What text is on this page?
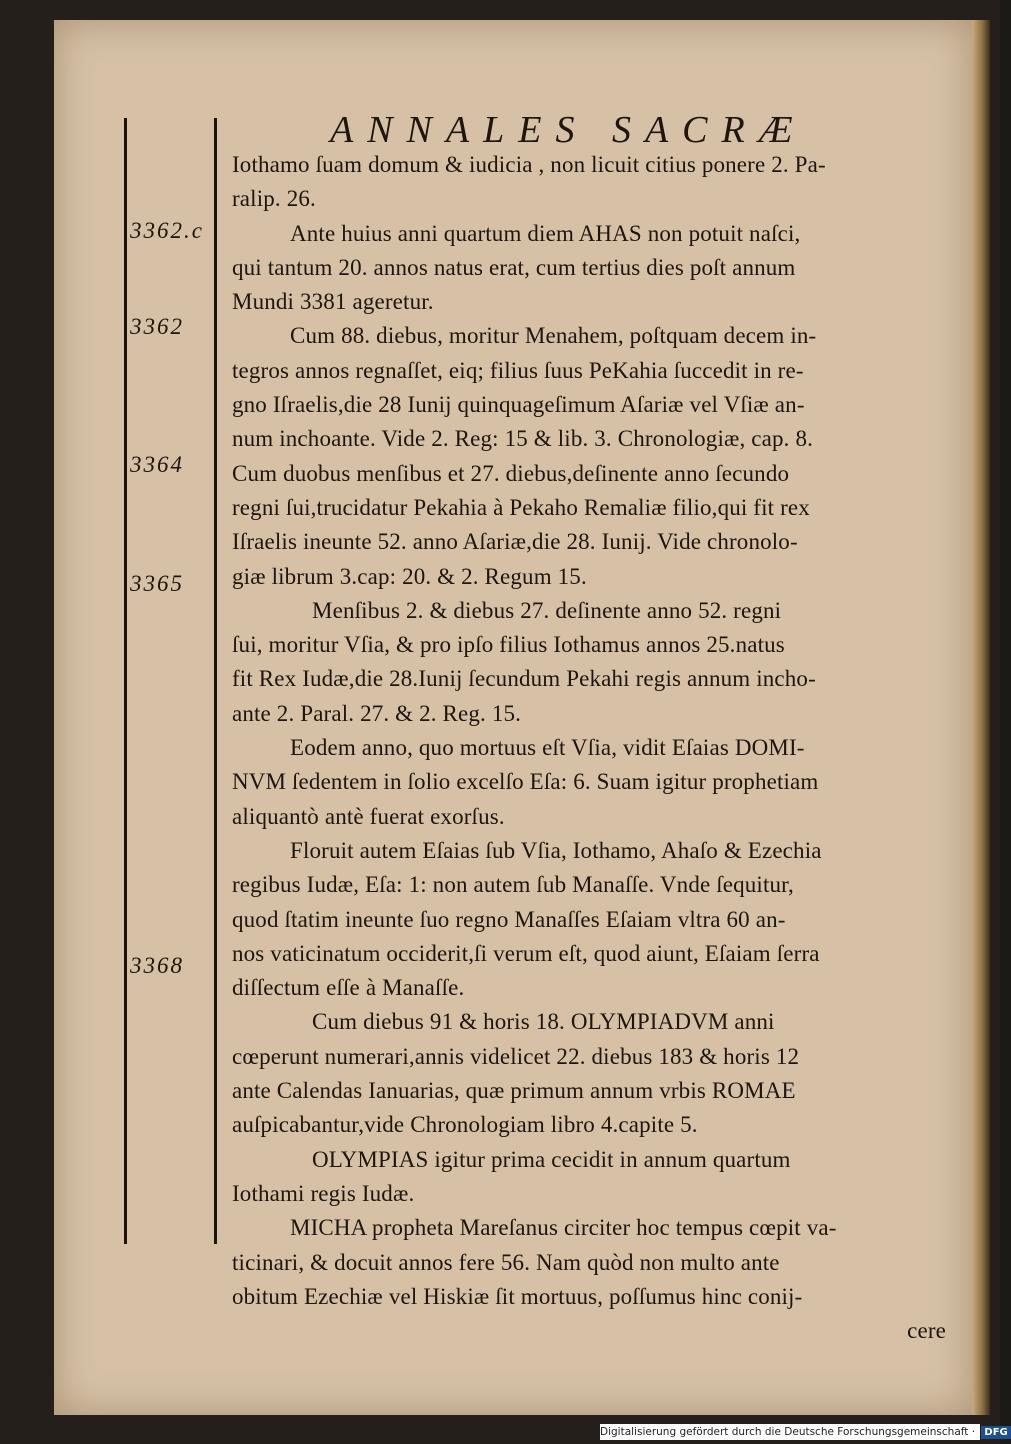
ANNALES SACRÆ
3362.c
3362
3364
3365
3368
Iothamo ſuam domum & iudicia , non licuit citius ponere 2. Pa-
ralip. 26.
Ante huius anni quartum diem AHAS non potuit naſci,
qui tantum 20. annos natus erat, cum tertius dies poſt annum
Mundi 3381 ageretur.
Cum 88. diebus, moritur Menahem, poſtquam decem in-
tegros annos regnaſſet, eiq; filius ſuus PeKahia ſuccedit in re-
gno Iſraelis,die 28 Iunij quinquageſimum Aſariæ vel Vſiæ an-
num inchoante. Vide 2. Reg: 15 & lib. 3. Chronologiæ, cap. 8.
Cum duobus menſibus et 27. diebus,deſinente anno ſecundo
regni ſui,trucidatur Pekahia à Pekaho Remaliæ filio,qui fit rex
Iſraelis ineunte 52. anno Aſariæ,die 28. Iunij. Vide chronolo-
giæ librum 3.cap: 20. & 2. Regum 15.
Menſibus 2. & diebus 27. deſinente anno 52. regni
ſui, moritur Vſia, & pro ipſo filius Iothamus annos 25.natus
fit Rex Iudæ,die 28.Iunij ſecundum Pekahi regis annum incho-
ante 2. Paral. 27. & 2. Reg. 15.
Eodem anno, quo mortuus eſt Vſia, vidit Eſaias DOMI-
NVM ſedentem in ſolio excelſo Eſa: 6. Suam igitur prophetiam
aliquantò antè fuerat exorſus.
Floruit autem Eſaias ſub Vſia, Iothamo, Ahaſo & Ezechia
regibus Iudæ, Eſa: 1: non autem ſub Manaſſe. Vnde ſequitur,
quod ſtatim ineunte ſuo regno Manaſſes Eſaiam vltra 60 an-
nos vaticinatum occiderit,ſi verum eſt, quod aiunt, Eſaiam ſerra
diſſectum eſſe à Manaſſe.
Cum diebus 91 & horis 18. OLYMPIADVM anni
cœperunt numerari,annis videlicet 22. diebus 183 & horis 12
ante Calendas Ianuarias, quæ primum annum vrbis ROMAE
auſpicabantur,vide Chronologiam libro 4.capite 5.
OLYMPIAS igitur prima cecidit in annum quartum
Iothami regis Iudæ.
MICHA propheta Mareſanus circiter hoc tempus cœpit va-
ticinari, & docuit annos fere 56. Nam quòd non multo ante
obitum Ezechiæ vel Hiskiæ ſit mortuus, poſſumus hinc conij-
cere
Digitalisierung gefördert durch die Deutsche Forschungsgemeinschaft · DFG
